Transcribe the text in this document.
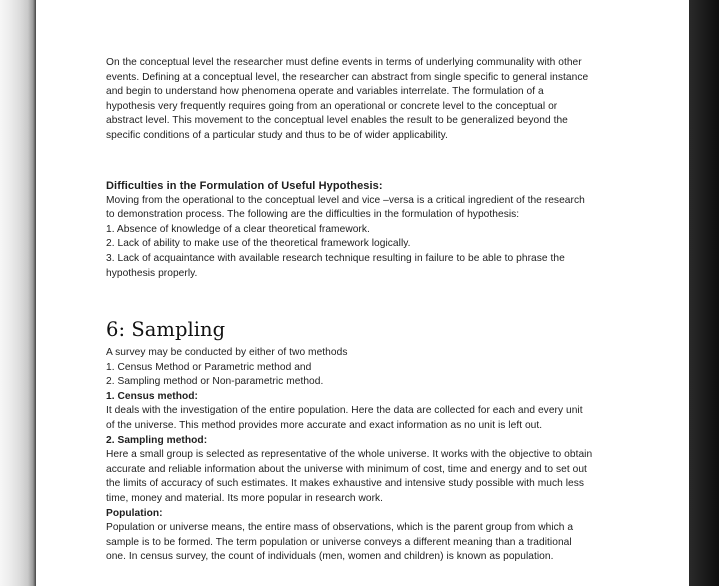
On the conceptual level the researcher must define events in terms of underlying communality with other
events. Defining at a conceptual level, the researcher can abstract from single specific to general instance
and begin to understand how phenomena operate and variables interrelate. The formulation of a
hypothesis very frequently requires going from an operational or concrete level to the conceptual or
abstract level. This movement to the conceptual level enables the result to be generalized beyond the
specific conditions of a particular study and thus to be of wider applicability.
Difficulties in the Formulation of Useful Hypothesis:
Moving from the operational to the conceptual level and vice –versa is a critical ingredient of the research
to demonstration process. The following are the difficulties in the formulation of hypothesis:
1. Absence of knowledge of a clear theoretical framework.
2. Lack of ability to make use of the theoretical framework logically.
3. Lack of acquaintance with available research technique resulting in failure to be able to phrase the
hypothesis properly.
6: Sampling
A survey may be conducted by either of two methods
1. Census Method or Parametric method and
2. Sampling method or Non-parametric method.
1. Census method:
It deals with the investigation of the entire population. Here the data are collected for each and every unit
of the universe. This method provides more accurate and exact information as no unit is left out.
2. Sampling method:
Here a small group is selected as representative of the whole universe. It works with the objective to obtain
accurate and reliable information about the universe with minimum of cost, time and energy and to set out
the limits of accuracy of such estimates. It makes exhaustive and intensive study possible with much less
time, money and material. Its more popular in research work.
Population:
Population or universe means, the entire mass of observations, which is the parent group from which a
sample is to be formed. The term population or universe conveys a different meaning than a traditional
one. In census survey, the count of individuals (men, women and children) is known as population.
